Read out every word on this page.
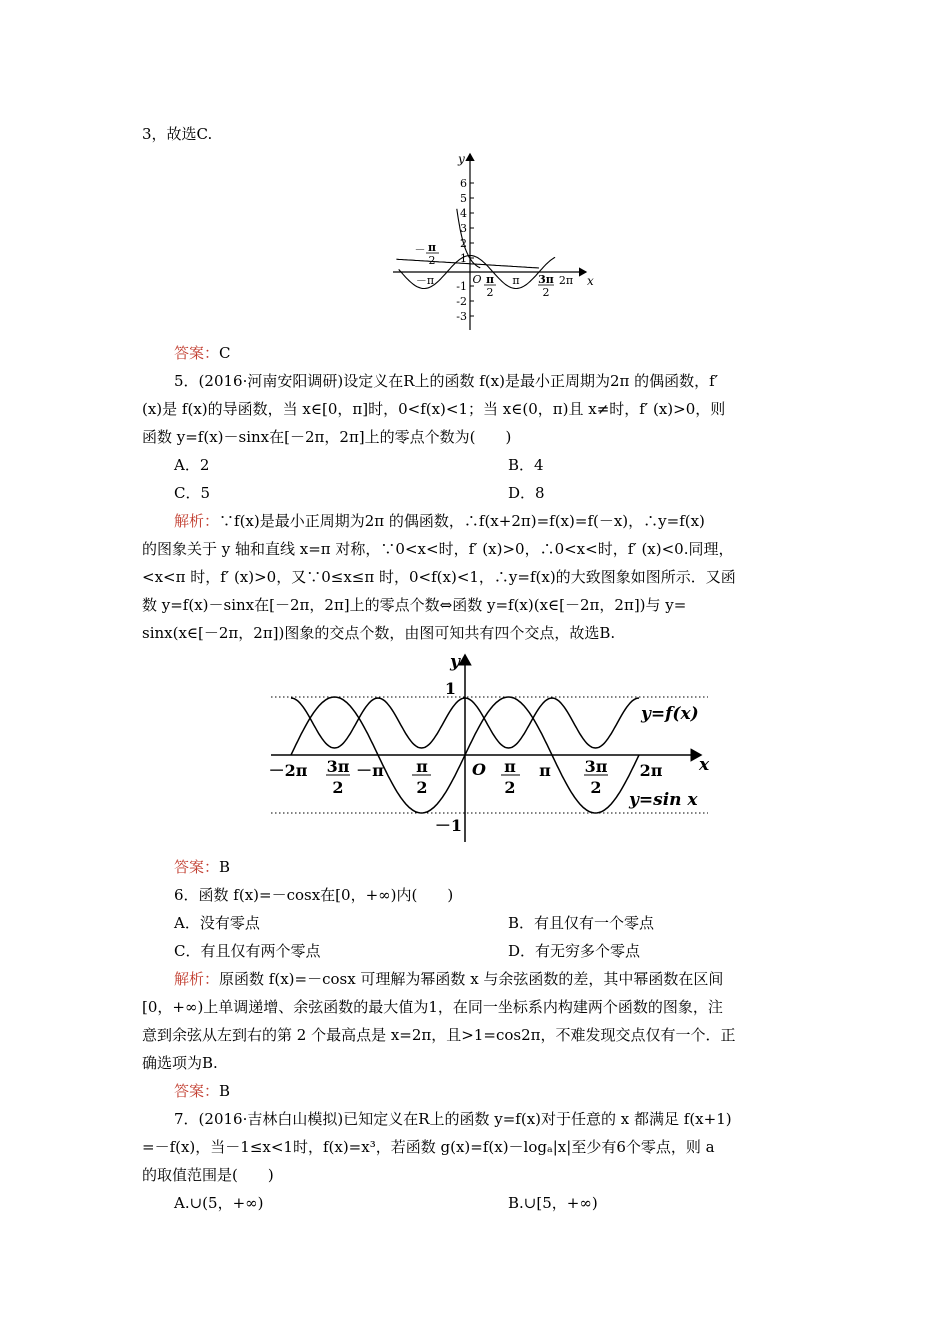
3，故选C.
x
y
6
5
4
3
2
1
-1
-2
-3
－ π
2
－π	O π
2
π 3π
2
2π
答案：C
5．(2016·河南安阳调研)设定义在R上的函数 f(x)是最小正周期为2π 的偶函数，f′
(x)是 f(x)的导函数，当 x∈[0，π]时，0<f(x)<1；当 x∈(0，π)且 x≠时，f′ (x)>0，则
函数 y=f(x)－sinx在[－2π，2π]上的零点个数为(　　)
A．2	B．4
C．5	D．8
解析：∵f(x)是最小正周期为2π 的偶函数，∴f(x+2π)=f(x)=f(－x)，∴y=f(x)
的图象关于 y 轴和直线 x=π 对称，∵0<x<时，f′ (x)>0，∴0<x<时，f′ (x)<0.同理，
<x<π 时，f′ (x)>0，又∵0≤x≤π 时，0<f(x)<1，∴y=f(x)的大致图象如图所示．又函
数 y=f(x)－sinx在[－2π，2π]上的零点个数⇔函数 y=f(x)(x∈[－2π，2π])与 y=
sinx(x∈[－2π，2π])图象的交点个数，由图可知共有四个交点，故选B.
x
y
1
－1
O
－2π 3π
2
－π π
2
π
2
π 3π
2
2π
y=f(x)
y=sin x
答案：B
6．函数 f(x)=－cosx在[0，+∞)内(　　)
A．没有零点	B．有且仅有一个零点
C．有且仅有两个零点	D．有无穷多个零点
解析：原函数 f(x)=－cosx 可理解为幂函数 x 与余弦函数的差，其中幂函数在区间
[0，+∞)上单调递增、余弦函数的最大值为1，在同一坐标系内构建两个函数的图象，注
意到余弦从左到右的第 2 个最高点是 x=2π，且>1=cos2π，不难发现交点仅有一个．正
确选项为B.
答案：B
7．(2016·吉林白山模拟)已知定义在R上的函数 y=f(x)对于任意的 x 都满足 f(x+1)
=－f(x)，当－1≤x<1时，f(x)=x³，若函数 g(x)=f(x)－logₐ|x|至少有6个零点，则 a
的取值范围是(　　)
A.∪(5，+∞)	B.∪[5，+∞)
